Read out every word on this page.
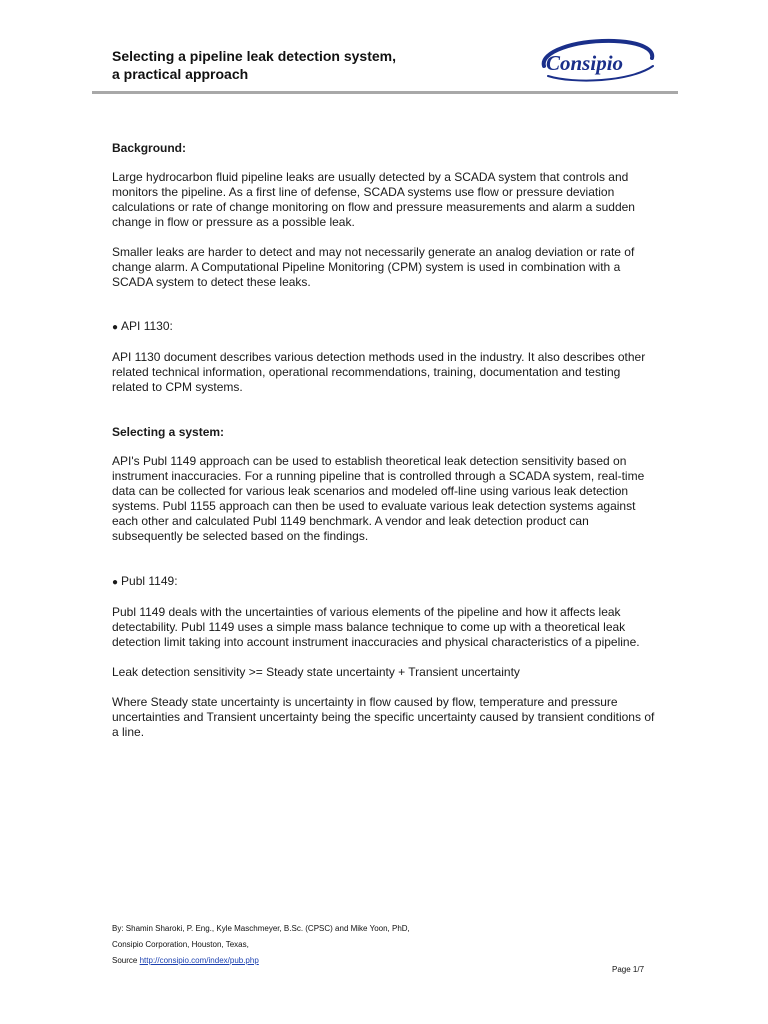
Selecting a pipeline leak detection system,
a practical approach	Consipio

Background:

Large hydrocarbon fluid pipeline leaks are usually detected by a SCADA system that controls and monitors the pipeline. As a first line of defense, SCADA systems use flow or pressure deviation calculations or rate of change monitoring on flow and pressure measurements and alarm a sudden change in flow or pressure as a possible leak.

Smaller leaks are harder to detect and may not necessarily generate an analog deviation or rate of change alarm. A Computational Pipeline Monitoring (CPM) system is used in combination with a SCADA system to detect these leaks.

● API 1130:

API 1130 document describes various detection methods used in the industry. It also describes other related technical information, operational recommendations, training, documentation and testing related to CPM systems.

Selecting a system:

API's Publ 1149 approach can be used to establish theoretical leak detection sensitivity based on instrument inaccuracies. For a running pipeline that is controlled through a SCADA system, real-time data can be collected for various leak scenarios and modeled off-line using various leak detection systems. Publ 1155 approach can then be used to evaluate various leak detection systems against each other and calculated Publ 1149 benchmark. A vendor and leak detection product can subsequently be selected based on the findings.

● Publ 1149:

Publ 1149 deals with the uncertainties of various elements of the pipeline and how it affects leak detectability. Publ 1149 uses a simple mass balance technique to come up with a theoretical leak detection limit taking into account instrument inaccuracies and physical characteristics of a pipeline.

Leak detection sensitivity >= Steady state uncertainty + Transient uncertainty

Where Steady state uncertainty is uncertainty in flow caused by flow, temperature and pressure uncertainties and Transient uncertainty being the specific uncertainty caused by transient conditions of a line.

By: Shamin Sharoki, P. Eng., Kyle Maschmeyer, B.Sc. (CPSC) and Mike Yoon, PhD,

Consipio Corporation, Houston, Texas,

Source http://consipio.com/index/pub.php

Page 1/7
